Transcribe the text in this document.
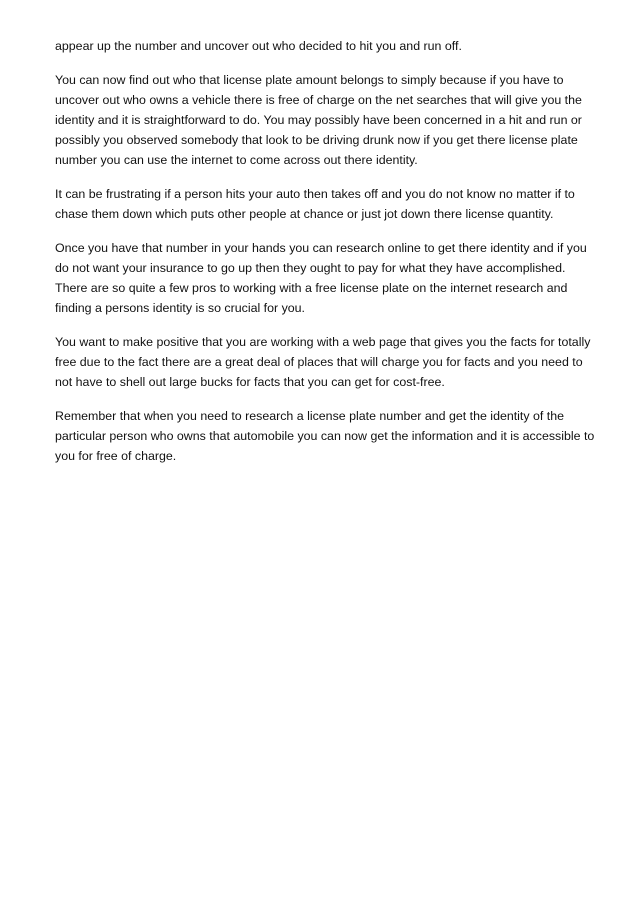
appear up the number and uncover out who decided to hit you and run off.

You can now find out who that license plate amount belongs to simply because if you have to uncover out who owns a vehicle there is free of charge on the net searches that will give you the identity and it is straightforward to do. You may possibly have been concerned in a hit and run or possibly you observed somebody that look to be driving drunk now if you get there license plate number you can use the internet to come across out there identity.

It can be frustrating if a person hits your auto then takes off and you do not know no matter if to chase them down which puts other people at chance or just jot down there license quantity.

Once you have that number in your hands you can research online to get there identity and if you do not want your insurance to go up then they ought to pay for what they have accomplished. There are so quite a few pros to working with a free license plate on the internet research and finding a persons identity is so crucial for you.

You want to make positive that you are working with a web page that gives you the facts for totally free due to the fact there are a great deal of places that will charge you for facts and you need to not have to shell out large bucks for facts that you can get for cost-free.

Remember that when you need to research a license plate number and get the identity of the particular person who owns that automobile you can now get the information and it is accessible to you for free of charge.
